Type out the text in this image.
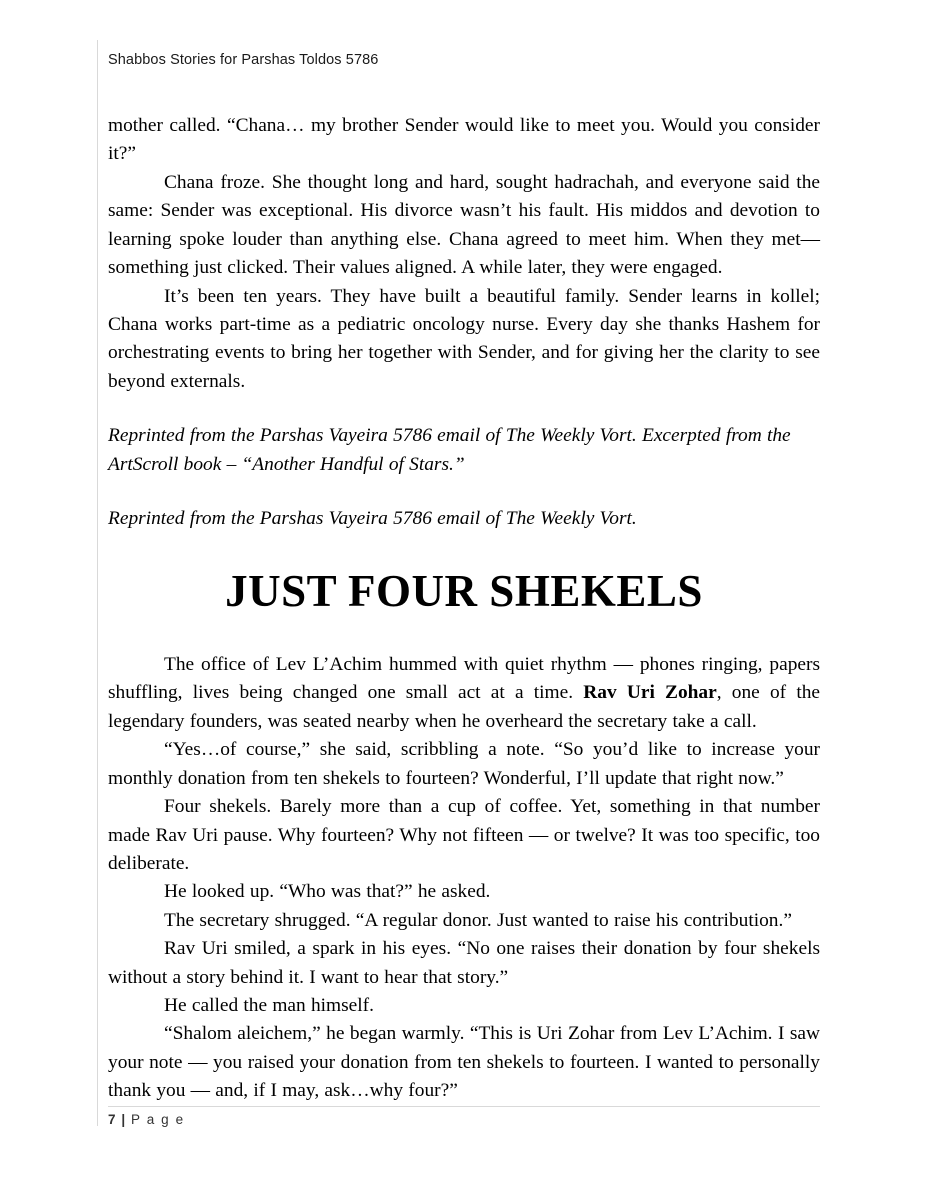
Shabbos Stories for Parshas Toldos 5786

mother called. “Chana… my brother Sender would like to meet you. Would you consider it?”

Chana froze. She thought long and hard, sought hadrachah, and everyone said the same: Sender was exceptional. His divorce wasn’t his fault. His middos and devotion to learning spoke louder than anything else. Chana agreed to meet him. When they met—something just clicked. Their values aligned. A while later, they were engaged.

It’s been ten years. They have built a beautiful family. Sender learns in kollel; Chana works part-time as a pediatric oncology nurse. Every day she thanks Hashem for orchestrating events to bring her together with Sender, and for giving her the clarity to see beyond externals.

Reprinted from the Parshas Vayeira 5786 email of The Weekly Vort. Excerpted from the ArtScroll book – “Another Handful of Stars.”

Reprinted from the Parshas Vayeira 5786 email of The Weekly Vort.

JUST FOUR SHEKELS

The office of Lev L’Achim hummed with quiet rhythm — phones ringing, papers shuffling, lives being changed one small act at a time. Rav Uri Zohar, one of the legendary founders, was seated nearby when he overheard the secretary take a call.

“Yes…of course,” she said, scribbling a note. “So you’d like to increase your monthly donation from ten shekels to fourteen? Wonderful, I’ll update that right now.”

Four shekels. Barely more than a cup of coffee. Yet, something in that number made Rav Uri pause. Why fourteen? Why not fifteen — or twelve? It was too specific, too deliberate.

He looked up. “Who was that?” he asked.

The secretary shrugged. “A regular donor. Just wanted to raise his contribution.”

Rav Uri smiled, a spark in his eyes. “No one raises their donation by four shekels without a story behind it. I want to hear that story.”

He called the man himself.

“Shalom aleichem,” he began warmly. “This is Uri Zohar from Lev L’Achim. I saw your note — you raised your donation from ten shekels to fourteen. I wanted to personally thank you — and, if I may, ask…why four?”

7 | P a g e
